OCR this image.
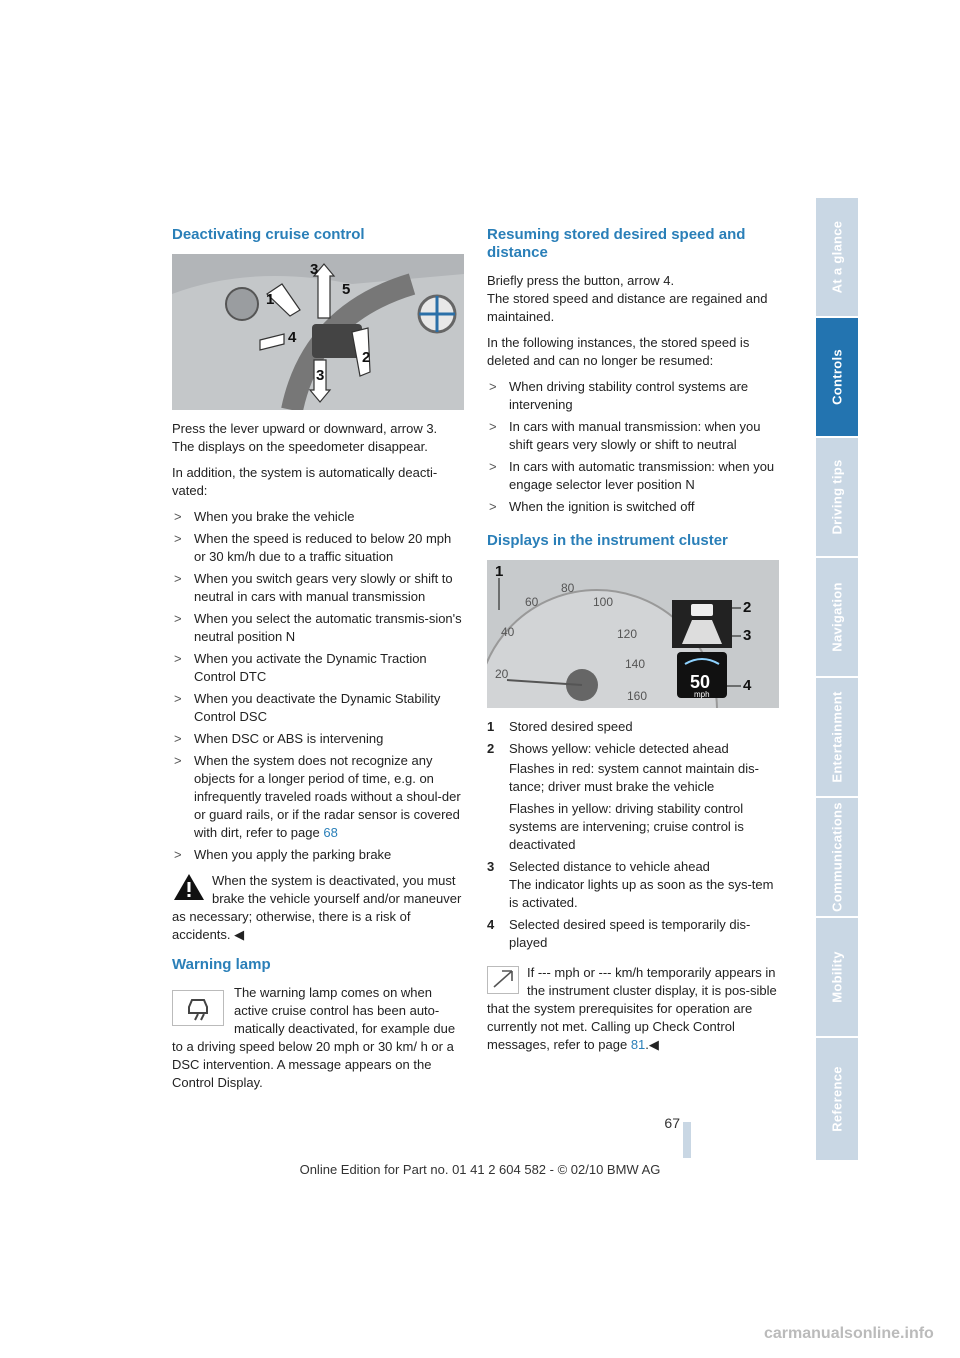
Deactivating cruise control
1
2
3
3
4
5

Press the lever upward or downward, arrow 3.
The displays on the speedometer disappear.

In addition, the system is automatically deacti-vated:

> When you brake the vehicle
> When the speed is reduced to below 20 mph or 30 km/h due to a traffic situation
> When you switch gears very slowly or shift to neutral in cars with manual transmission
> When you select the automatic transmis-sion's neutral position N
> When you activate the Dynamic Traction Control DTC
> When you deactivate the Dynamic Stability Control DSC
> When DSC or ABS is intervening
> When the system does not recognize any objects for a longer period of time, e.g. on infrequently traveled roads without a shoul-der or guard rails, or if the radar sensor is covered with dirt, refer to page 68
> When you apply the parking brake
When the system is deactivated, you must brake the vehicle yourself and/or maneuver as necessary; otherwise, there is a risk of accidents. ◀
Warning lamp
The warning lamp comes on when active cruise control has been auto-matically deactivated, for example due to a driving speed below 20 mph or 30 km/ h or a DSC intervention. A message appears on the Control Display.
Resuming stored desired speed and distance

Briefly press the button, arrow 4.
The stored speed and distance are regained and maintained.

In the following instances, the stored speed is deleted and can no longer be resumed:

> When driving stability control systems are intervening
> In cars with manual transmission: when you shift gears very slowly or shift to neutral
> In cars with automatic transmission: when you engage selector lever position N
> When the ignition is switched off
Displays in the instrument cluster
20
40
60
80
100
120
140
160
50
mph
1
2
3
4
1 Stored desired speed
2 Shows yellow: vehicle detected ahead

Flashes in red: system cannot maintain dis-tance; driver must brake the vehicle

Flashes in yellow: driving stability control systems are intervening; cruise control is deactivated

3 Selected distance to vehicle ahead
The indicator lights up as soon as the sys-tem is activated.
4 Selected desired speed is temporarily dis-played
If --- mph or --- km/h temporarily appears in the instrument cluster display, it is pos-sible that the system prerequisites for operation are currently not met. Calling up Check Control messages, refer to page 81.◀
At a glance
Controls
Driving tips
Navigation
Entertainment
Communications
Mobility
Reference
67
Online Edition for Part no. 01 41 2 604 582 - © 02/10 BMW AG
carmanualsonline.info
